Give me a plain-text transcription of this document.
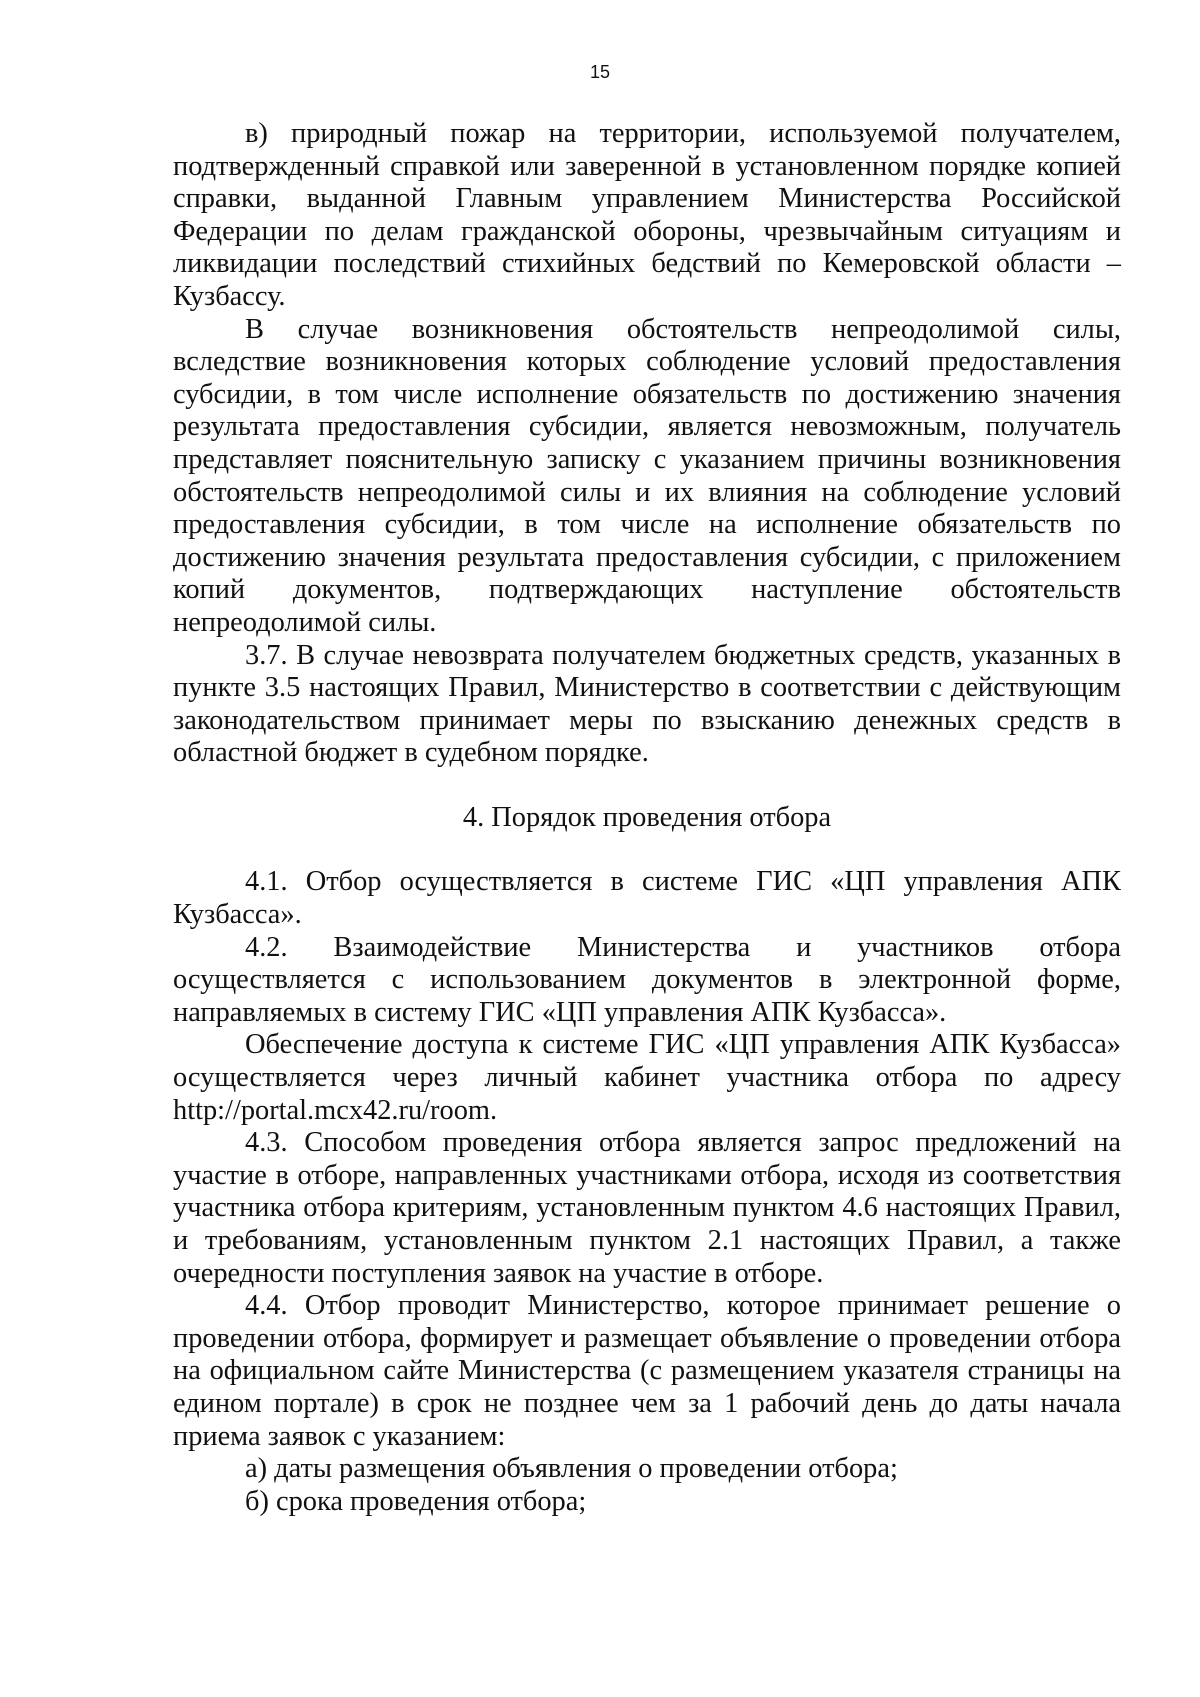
15

в) природный пожар на территории, используемой получателем, подтвержденный справкой или заверенной в установленном порядке копией справки, выданной Главным управлением Министерства Российской Федерации по делам гражданской обороны, чрезвычайным ситуациям и ликвидации последствий стихийных бедствий по Кемеровской области – Кузбассу.

В случае возникновения обстоятельств непреодолимой силы, вследствие возникновения которых соблюдение условий предоставления субсидии, в том числе исполнение обязательств по достижению значения результата предоставления субсидии, является невозможным, получатель представляет пояснительную записку с указанием причины возникновения обстоятельств непреодолимой силы и их влияния на соблюдение условий предоставления субсидии, в том числе на исполнение обязательств по достижению значения результата предоставления субсидии, с приложением копий документов, подтверждающих наступление обстоятельств непреодолимой силы.

3.7. В случае невозврата получателем бюджетных средств, указанных в пункте 3.5 настоящих Правил, Министерство в соответствии с действующим законодательством принимает меры по взысканию денежных средств в областной бюджет в судебном порядке.

4. Порядок проведения отбора

4.1. Отбор осуществляется в системе ГИС «ЦП управления АПК Кузбасса».

4.2. Взаимодействие Министерства и участников отбора осуществляется с использованием документов в электронной форме, направляемых в систему ГИС «ЦП управления АПК Кузбасса».

Обеспечение доступа к системе ГИС «ЦП управления АПК Кузбасса» осуществляется через личный кабинет участника отбора по адресу http://portal.mcx42.ru/room.

4.3. Способом проведения отбора является запрос предложений на участие в отборе, направленных участниками отбора, исходя из соответствия участника отбора критериям, установленным пунктом 4.6 настоящих Правил, и требованиям, установленным пунктом 2.1 настоящих Правил, а также очередности поступления заявок на участие в отборе.

4.4. Отбор проводит Министерство, которое принимает решение о проведении отбора, формирует и размещает объявление о проведении отбора на официальном сайте Министерства (с размещением указателя страницы на едином портале) в срок не позднее чем за 1 рабочий день до даты начала приема заявок с указанием:

а) даты размещения объявления о проведении отбора;

б) срока проведения отбора;
